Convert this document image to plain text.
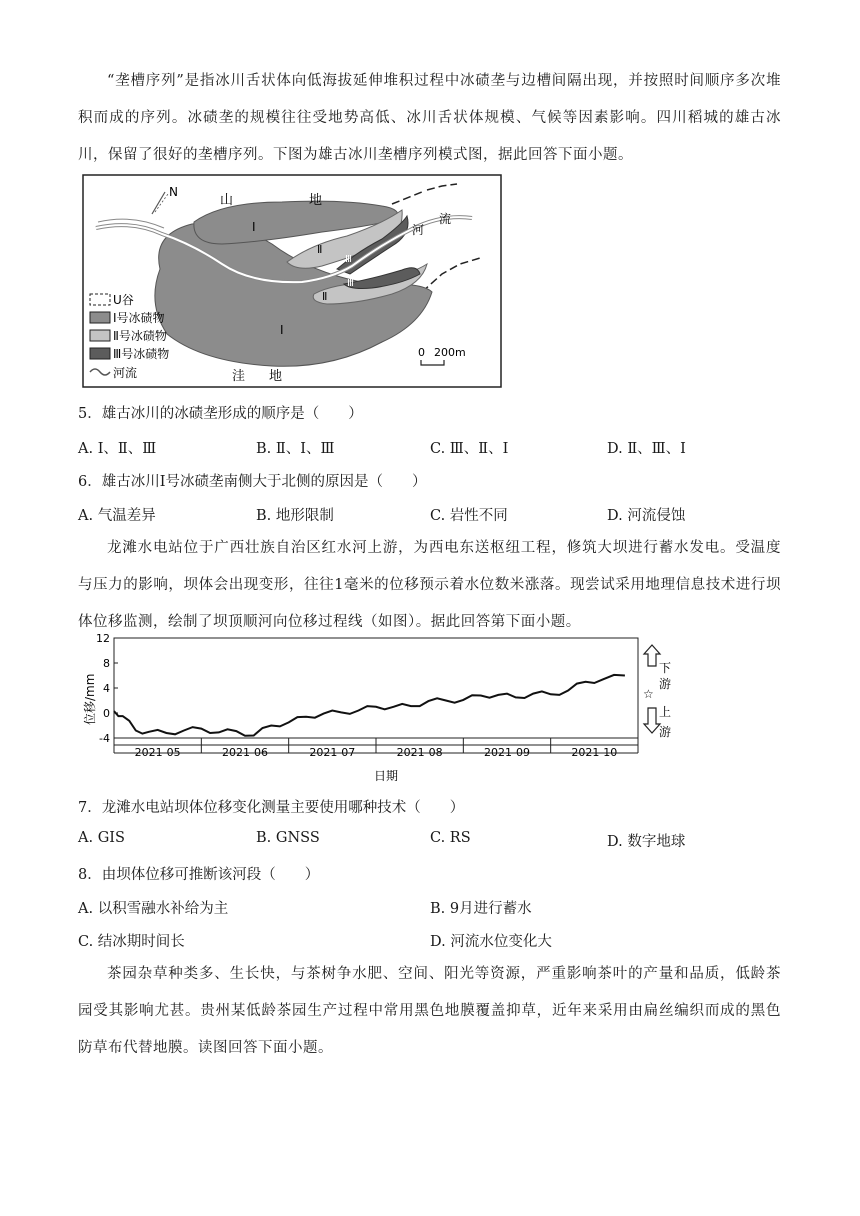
“垄槽序列”是指冰川舌状体向低海拔延伸堆积过程中冰碛垄与边槽间隔出现，并按照时间顺序多次堆积而成的序列。冰碛垄的规模往往受地势高低、冰川舌状体规模、气候等因素影响。四川稻城的雄古冰川，保留了很好的垄槽序列。下图为雄古冰川垄槽序列模式图，据此回答下面小题。

N
山	地
河
流
洼 地
Ⅰ
Ⅰ
Ⅱ
Ⅱ
Ⅲ
Ⅲ
0 200m
U谷
Ⅰ号冰碛物
Ⅱ号冰碛物
Ⅲ号冰碛物
河流

5．雄古冰川的冰碛垄形成的顺序是（　　）

A. Ⅰ、Ⅱ、Ⅲ	B. Ⅱ、Ⅰ、Ⅲ	C. Ⅲ、Ⅱ、Ⅰ	D. Ⅱ、Ⅲ、Ⅰ

6．雄古冰川Ⅰ号冰碛垄南侧大于北侧的原因是（　　）

A. 气温差异	B. 地形限制	C. 岩性不同	D. 河流侵蚀

龙滩水电站位于广西壮族自治区红水河上游，为西电东送枢纽工程，修筑大坝进行蓄水发电。受温度与压力的影响，坝体会出现变形，往往1毫米的位移预示着水位数米涨落。现尝试采用地理信息技术进行坝体位移监测，绘制了坝顶顺河向位移过程线（如图）。据此回答第下面小题。

12
8
4
0
-4
位移/mm
2021-05	2021-06	2021-07	2021-08	2021-09	2021-10
日期
下
游
☆
上
游

7．龙滩水电站坝体位移变化测量主要使用哪种技术（　　）

A. GIS	B. GNSS	C. RS	D. 数字地球

8．由坝体位移可推断该河段（　　）

A. 以积雪融水补给为主	B. 9月进行蓄水

C. 结冰期时间长	D. 河流水位变化大

茶园杂草种类多、生长快，与茶树争水肥、空间、阳光等资源，严重影响茶叶的产量和品质，低龄茶园受其影响尤甚。贵州某低龄茶园生产过程中常用黑色地膜覆盖抑草，近年来采用由扁丝编织而成的黑色防草布代替地膜。读图回答下面小题。
